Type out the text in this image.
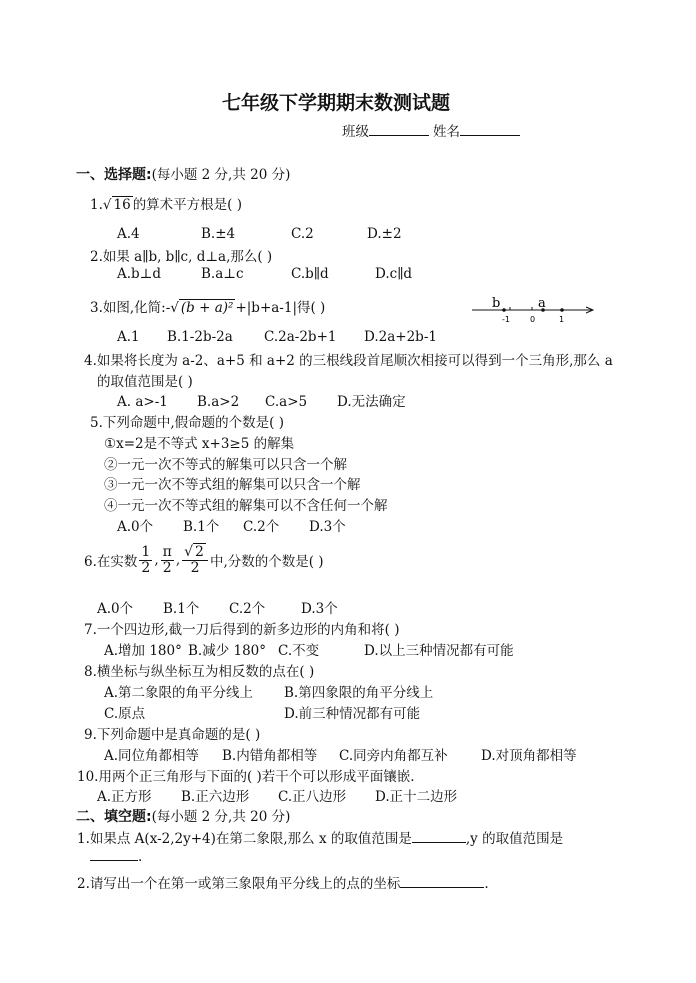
七年级下学期期末数测试题
班级	姓名
一、选择题:(每小题 2 分,共 20 分)
1.√ 16 的算术平方根是( )
A.4	B.±4	C.2	D.±2
2.如果 a∥b, b∥c, d⊥a,那么( )
A.b⊥d	B.a⊥c	C.b∥d	D.c∥d
3.如图,化简:-√ (b + a)² +|b+a-1|得( )	b	a
-1	0	1
A.1 B.1-2b-2a C.2a-2b+1 D.2a+2b-1
4.如果将长度为 a-2、a+5 和 a+2 的三根线段首尾顺次相接可以得到一个三角形,那么 a
的取值范围是( )
A. a>-1 B.a>2 C.a>5 D.无法确定
5.下列命题中,假命题的个数是( )
①x=2是不等式 x+3≥5 的解集
②一元一次不等式的解集可以只含一个解
③一元一次不等式组的解集可以只含一个解
④一元一次不等式组的解集可以不含任何一个解
A.0个 B.1个 C.2个 D.3个
6.在实数 $\frac{1}{2}$ , $\frac{\pi}{2}$ , $\frac{√ 2}{2}$ 中,分数的个数是( )
A.0个 B.1个 C.2个	D.3个
7.一个四边形,截一刀后得到的新多边形的内角和将( )
A.增加 180° B.减少 180° C.不变	D.以上三种情况都有可能
8.横坐标与纵坐标互为相反数的点在( )
A.第二象限的角平分线上 B.第四象限的角平分线上
C.原点	D.前三种情况都有可能
9.下列命题中是真命题的是( )
A.同位角都相等 B.内错角都相等 C.同旁内角都互补 D.对顶角都相等
10.用两个正三角形与下面的( )若干个可以形成平面镶嵌.
A.正方形 B.正六边形 C.正八边形 D.正十二边形
二、填空题:(每小题 2 分,共 20 分)
1.如果点 A(x-2,2y+4)在第二象限,那么 x 的取值范围是	,y 的取值范围是
.
2.请写出一个在第一或第三象限角平分线上的点的坐标	.
